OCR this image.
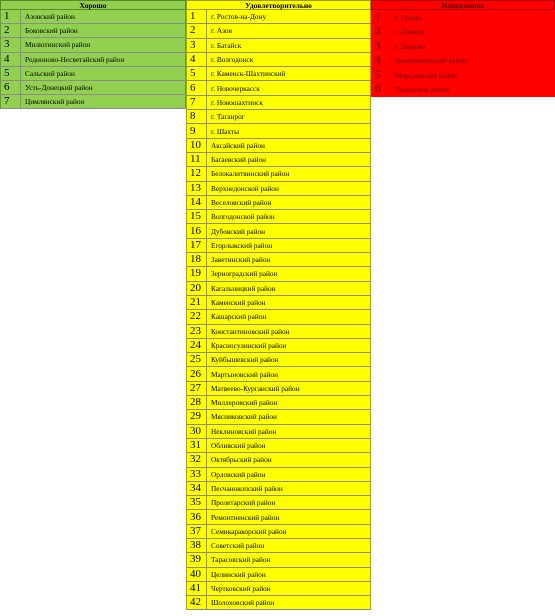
Хорошо
1	Азовский район
2	Боковский район
3	Милютинский район
4	Родионово-Несветайский район
5	Сальский район
6	Усть-Донецкий район
7	Цимлянский район
Удовлетворительно
1	г. Ростов-на-Дону
2	г. Азов
3	г. Батайск
4	г. Волгодонск
5	г. Каменск-Шахтинский
6	г. Новочеркасск
7	г. Новошахтинск
8	г. Таганрог
9	г. Шахты
10	Аксайский район
11	Багаевский район
12	Белокалитвинский район
13	Верхнедонской район
14	Веселовский район
15	Волгодонской район
16	Дубовский район
17	Егорлыкский район
18	Заветинский район
19	Зерноградский район
20	Кагальницкий район
21	Каменский район
22	Кашарский район
23	Константиновский район
24	Красносулинский район
25	Куйбышевский район
26	Мартыновский район
27	Матвеево-Курганский район
28	Миллеровский район
29	Мясниковский район
30	Неклиновский район
31	Обливский район
32	Октябрьский район
33	Орловский район
34	Песчанокопский район
35	Пролетарский район
36	Ремонтненский район
37	Семикаракорский район
38	Советский район
39	Тарасовский район
40	Целинский район
41	Чертковский район
42	Шолоховский район
Напряженно
1	г. Гуково
2	г. Донецк
3	г. Зверево
4	Зимовниковский район
5	Морозовский район
6	Тацинский район
